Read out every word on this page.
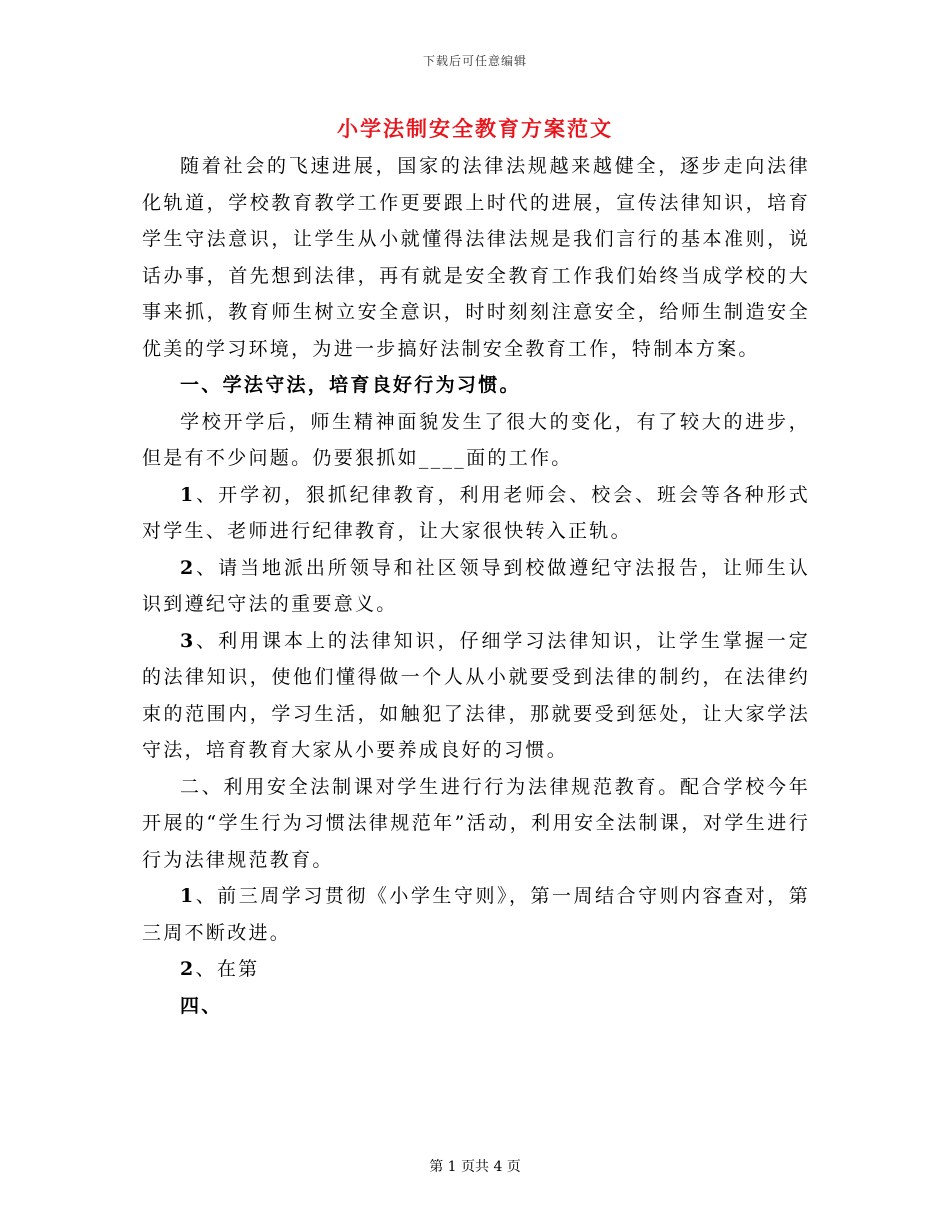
下载后可任意编辑
小学法制安全教育方案范文

随着社会的飞速进展，国家的法律法规越来越健全，逐步走向法律化轨道，学校教育教学工作更要跟上时代的进展，宣传法律知识，培育学生守法意识，让学生从小就懂得法律法规是我们言行的基本准则，说话办事，首先想到法律，再有就是安全教育工作我们始终当成学校的大事来抓，教育师生树立安全意识，时时刻刻注意安全，给师生制造安全优美的学习环境，为进一步搞好法制安全教育工作，特制本方案。

一、学法守法，培育良好行为习惯。

学校开学后，师生精神面貌发生了很大的变化，有了较大的进步，但是有不少问题。仍要狠抓如____面的工作。

1、开学初，狠抓纪律教育，利用老师会、校会、班会等各种形式对学生、老师进行纪律教育，让大家很快转入正轨。

2、请当地派出所领导和社区领导到校做遵纪守法报告，让师生认识到遵纪守法的重要意义。

3、利用课本上的法律知识，仔细学习法律知识，让学生掌握一定的法律知识，使他们懂得做一个人从小就要受到法律的制约，在法律约束的范围内，学习生活，如触犯了法律，那就要受到惩处，让大家学法守法，培育教育大家从小要养成良好的习惯。

二、利用安全法制课对学生进行行为法律规范教育。配合学校今年开展的“学生行为习惯法律规范年”活动，利用安全法制课，对学生进行行为法律规范教育。

1、前三周学习贯彻《小学生守则》，第一周结合守则内容查对，第三周不断改进。

2、在第

四、

第 1 页共 4 页
